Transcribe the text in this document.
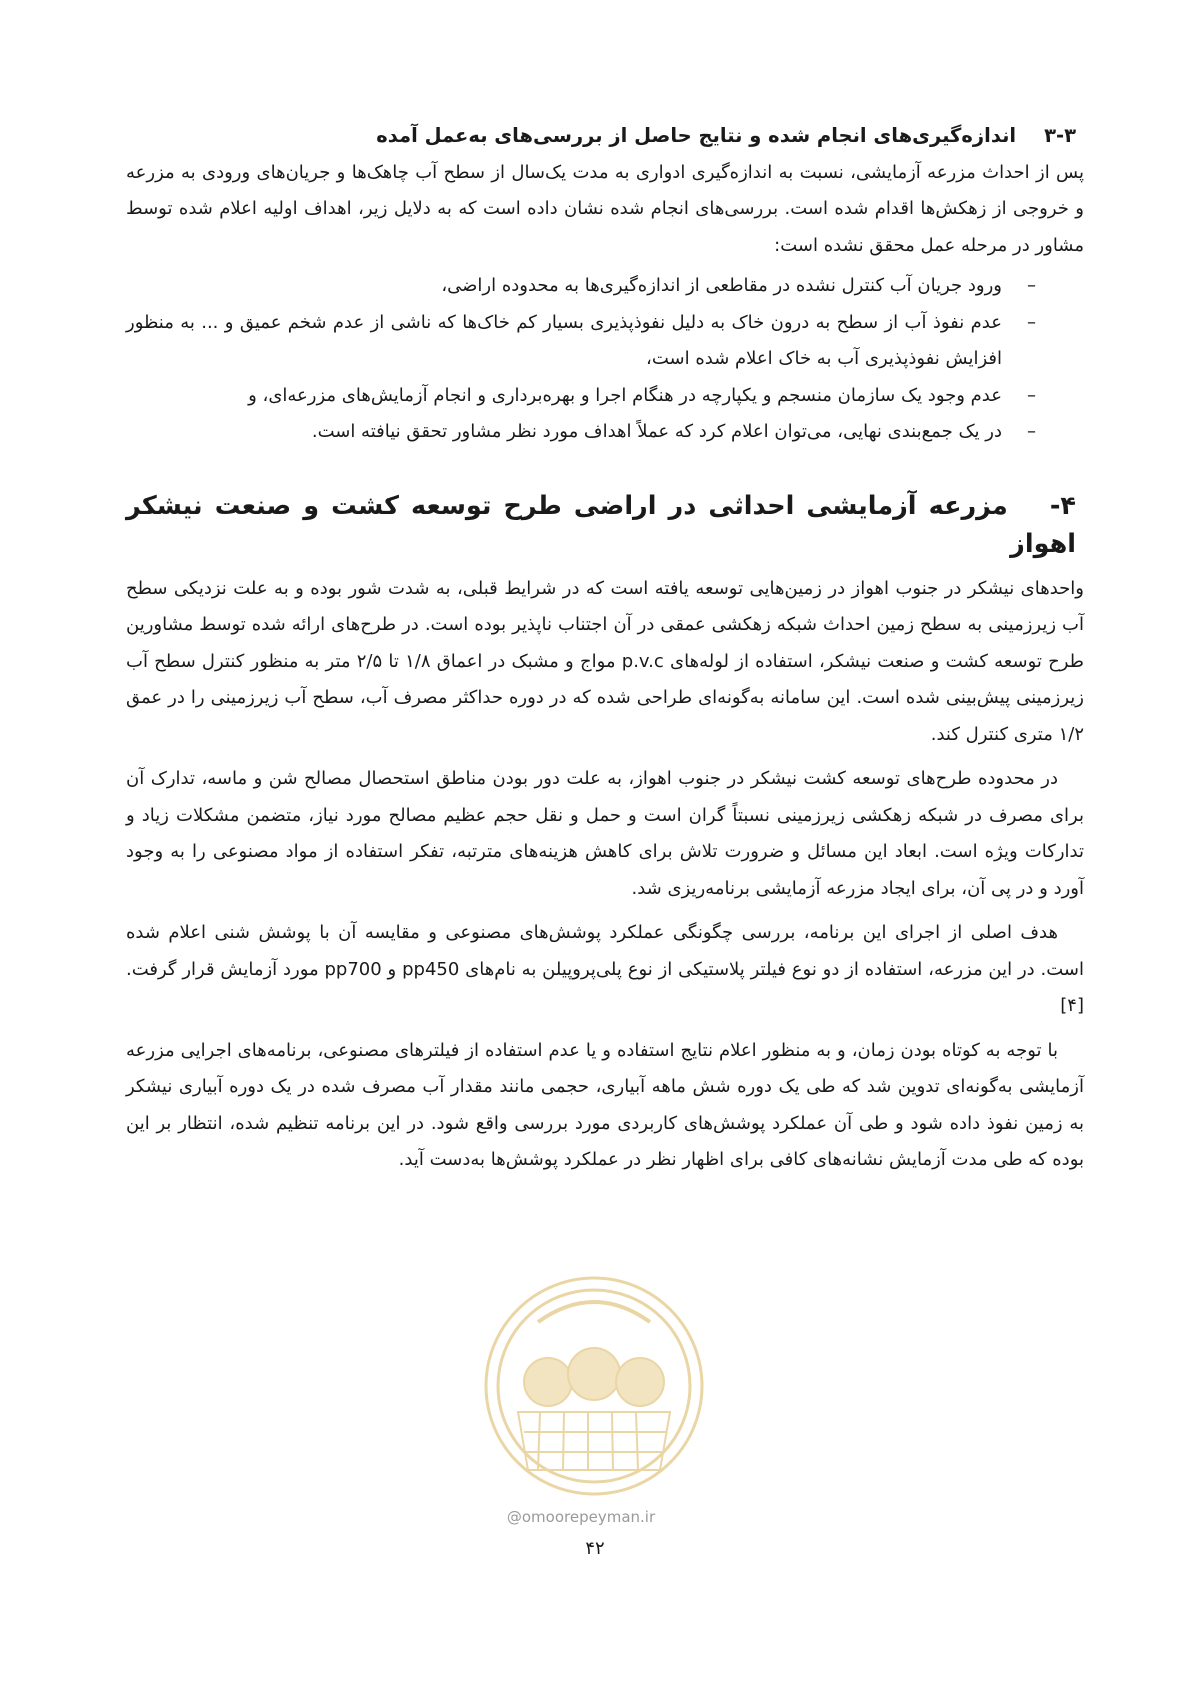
۳-۳اندازه‌گیری‌های انجام شده و نتایج حاصل از بررسی‌های به‌عمل آمده

پس از احداث مزرعه آزمایشی، نسبت به اندازه‌گیری ادواری به مدت یک‌سال از سطح آب چاهک‌ها و جریان‌های ورودی به مزرعه و خروجی از زهکش‌ها اقدام شده است. بررسی‌های انجام شده نشان داده است که به دلایل زیر، اهداف اولیه اعلام شده توسط مشاور در مرحله عمل محقق نشده است:

–
ورود جریان آب کنترل نشده در مقاطعی از اندازه‌گیری‌ها به محدوده اراضی،
–
عدم نفوذ آب از سطح به درون خاک به دلیل نفوذپذیری بسیار کم خاک‌ها که ناشی از عدم شخم عمیق و ... به منظور افزایش نفوذپذیری آب به خاک اعلام شده است،
–
عدم وجود یک سازمان منسجم و یکپارچه در هنگام اجرا و بهره‌برداری و انجام آزمایش‌های مزرعه‌ای، و
–
در یک جمع‌بندی نهایی، می‌توان اعلام کرد که عملاً اهداف مورد نظر مشاور تحقق نیافته است.
۴-مزرعه آزمایشی احداثی در اراضی طرح توسعه کشت و صنعت نیشکر اهواز

واحدهای نیشکر در جنوب اهواز در زمین‌هایی توسعه یافته است که در شرایط قبلی، به شدت شور بوده و به علت نزدیکی سطح آب زیرزمینی به سطح زمین احداث شبکه زهکشی عمقی در آن اجتناب ناپذیر بوده است. در طرح‌های ارائه شده توسط مشاورین طرح توسعه کشت و صنعت نیشکر، استفاده از لوله‌های p.v.c مواج و مشبک در اعماق ۱/۸ تا ۲/۵ متر به منظور کنترل سطح آب زیرزمینی پیش‌بینی شده است. این سامانه به‌گونه‌ای طراحی شده که در دوره حداکثر مصرف آب، سطح آب زیرزمینی را در عمق ۱/۲ متری کنترل کند.

در محدوده طرح‌های توسعه کشت نیشکر در جنوب اهواز، به علت دور بودن مناطق استحصال مصالح شن و ماسه، تدارک آن برای مصرف در شبکه زهکشی زیرزمینی نسبتاً گران است و حمل و نقل حجم عظیم مصالح مورد نیاز، متضمن مشکلات زیاد و تدارکات ویژه است. ابعاد این مسائل و ضرورت تلاش برای کاهش هزینه‌های مترتبه، تفکر استفاده از مواد مصنوعی را به وجود آورد و در پی آن، برای ایجاد مزرعه آزمایشی برنامه‌ریزی شد.

هدف اصلی از اجرای این برنامه، بررسی چگونگی عملکرد پوشش‌های مصنوعی و مقایسه آن با پوشش شنی اعلام شده است. در این مزرعه، استفاده از دو نوع فیلتر پلاستیکی از نوع پلی‌پروپیلن به نام‌های pp450 و pp700 مورد آزمایش قرار گرفت. [۴]

با توجه به کوتاه بودن زمان، و به منظور اعلام نتایج استفاده و یا عدم استفاده از فیلترهای مصنوعی، برنامه‌های اجرایی مزرعه آزمایشی به‌گونه‌ای تدوین شد که طی یک دوره شش ماهه آبیاری، حجمی مانند مقدار آب مصرف شده در یک دوره آبیاری نیشکر به زمین نفوذ داده شود و طی آن عملکرد پوشش‌های کاربردی مورد بررسی واقع شود. در این برنامه تنظیم شده، انتظار بر این بوده که طی مدت آزمایش نشانه‌های کافی برای اظهار نظر در عملکرد پوشش‌ها به‌دست آید.

@omoorepeyman.ir
۴۲
